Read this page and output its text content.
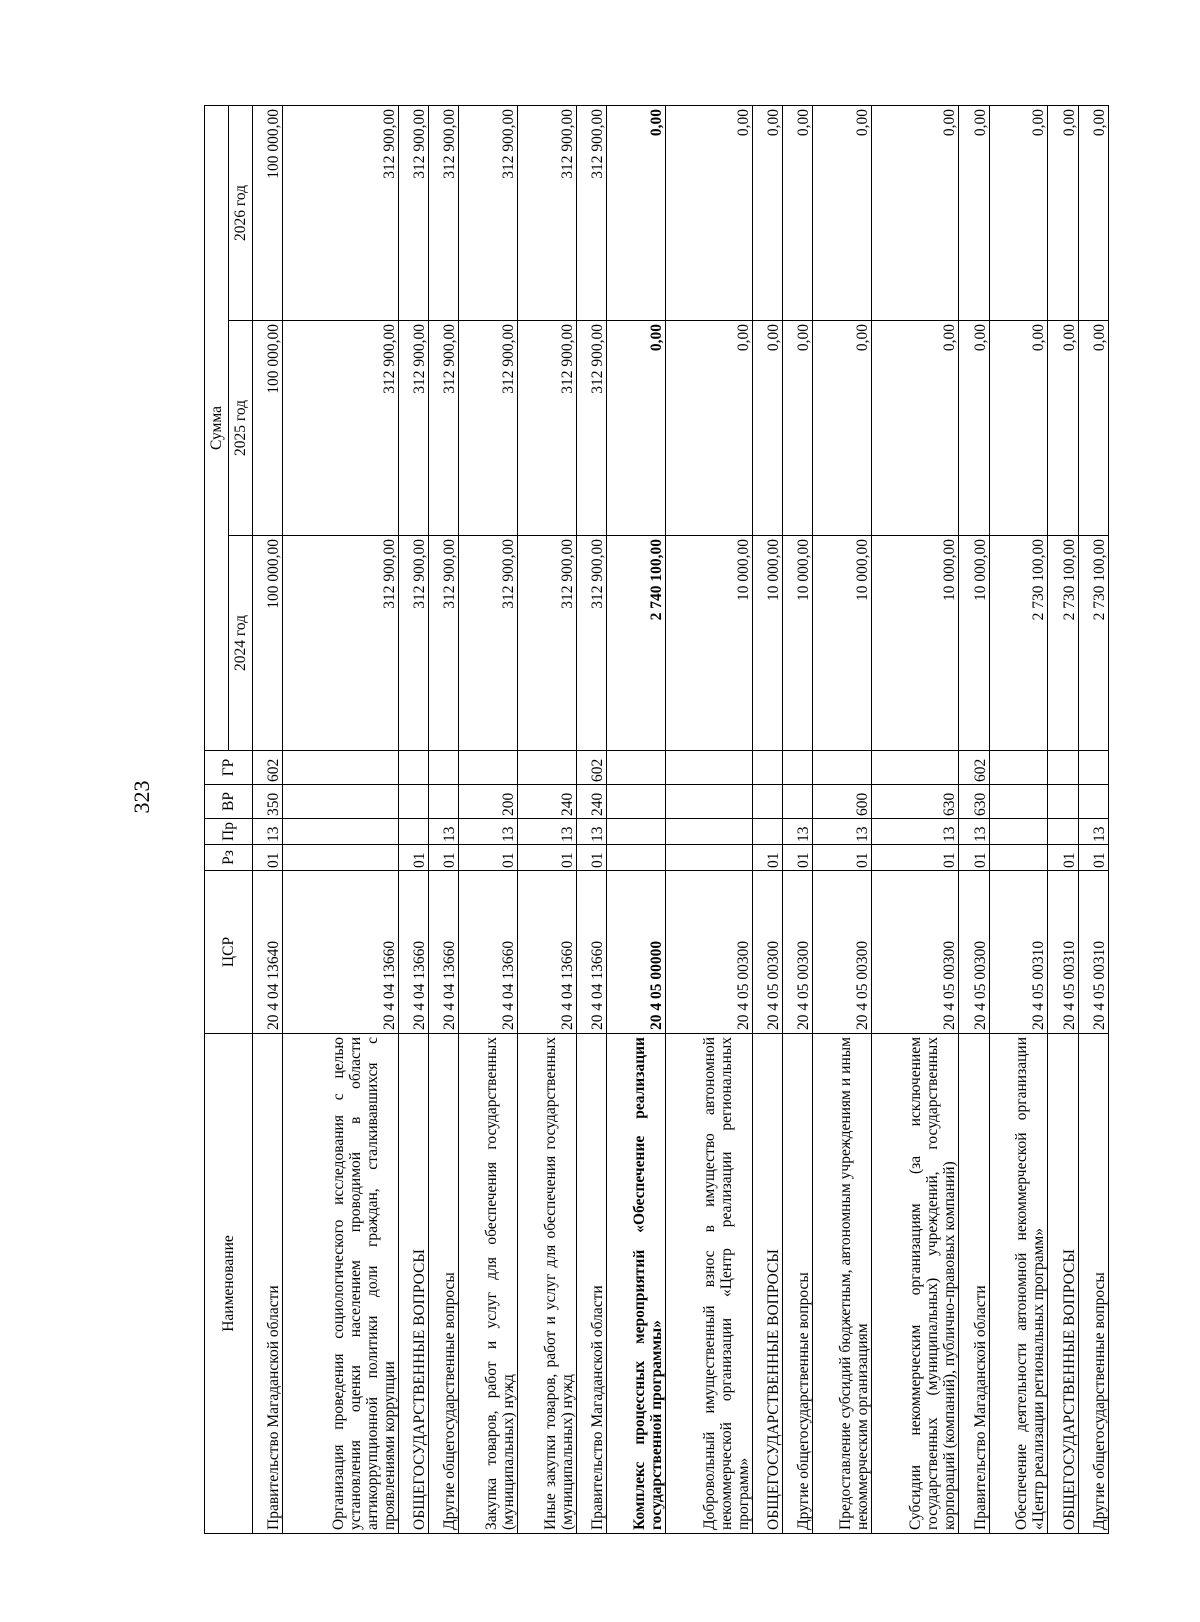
323
Наименование	ЦСР	Рз	Пр	ВР	ГР	Сумма		
						2024 год	2025 год	2026 год
Правительство Магаданской области	20 4 04 13640	01	13	350	602	100 000,00	100 000,00	100 000,00
Организация проведения социологического исследования с целью установления оценки населением проводимой в области антикоррупционной политики доли граждан, сталкивавшихся с проявлениями коррупции	20 4 04 13660					312 900,00	312 900,00	312 900,00
ОБЩЕГОСУДАРСТВЕННЫЕ ВОПРОСЫ	20 4 04 13660	01				312 900,00	312 900,00	312 900,00
Другие общегосударственные вопросы	20 4 04 13660	01	13			312 900,00	312 900,00	312 900,00
Закупка товаров, работ и услуг для обеспечения государственных (муниципальных) нужд	20 4 04 13660	01	13	200		312 900,00	312 900,00	312 900,00
Иные закупки товаров, работ и услуг для обеспечения государственных (муниципальных) нужд	20 4 04 13660	01	13	240		312 900,00	312 900,00	312 900,00
Правительство Магаданской области	20 4 04 13660	01	13	240	602	312 900,00	312 900,00	312 900,00
Комплекс процессных мероприятий «Обеспечение реализации государственной программы»	20 4 05 00000					2 740 100,00	0,00	0,00
Добровольный имущественный взнос в имущество автономной некоммерческой организации «Центр реализации региональных программ»	20 4 05 00300					10 000,00	0,00	0,00
ОБЩЕГОСУДАРСТВЕННЫЕ ВОПРОСЫ	20 4 05 00300	01				10 000,00	0,00	0,00
Другие общегосударственные вопросы	20 4 05 00300	01	13			10 000,00	0,00	0,00
Предоставление субсидий бюджетным, автономным учреждениям и иным некоммерческим организациям	20 4 05 00300	01	13	600		10 000,00	0,00	0,00
Субсидии некоммерческим организациям (за исключением государственных (муниципальных) учреждений, государственных корпораций (компаний), публично-правовых компаний)	20 4 05 00300	01	13	630		10 000,00	0,00	0,00
Правительство Магаданской области	20 4 05 00300	01	13	630	602	10 000,00	0,00	0,00
Обеспечение деятельности автономной некоммерческой организации «Центр реализации региональных программ»	20 4 05 00310					2 730 100,00	0,00	0,00
ОБЩЕГОСУДАРСТВЕННЫЕ ВОПРОСЫ	20 4 05 00310	01				2 730 100,00	0,00	0,00
Другие общегосударственные вопросы	20 4 05 00310	01	13			2 730 100,00	0,00	0,00
